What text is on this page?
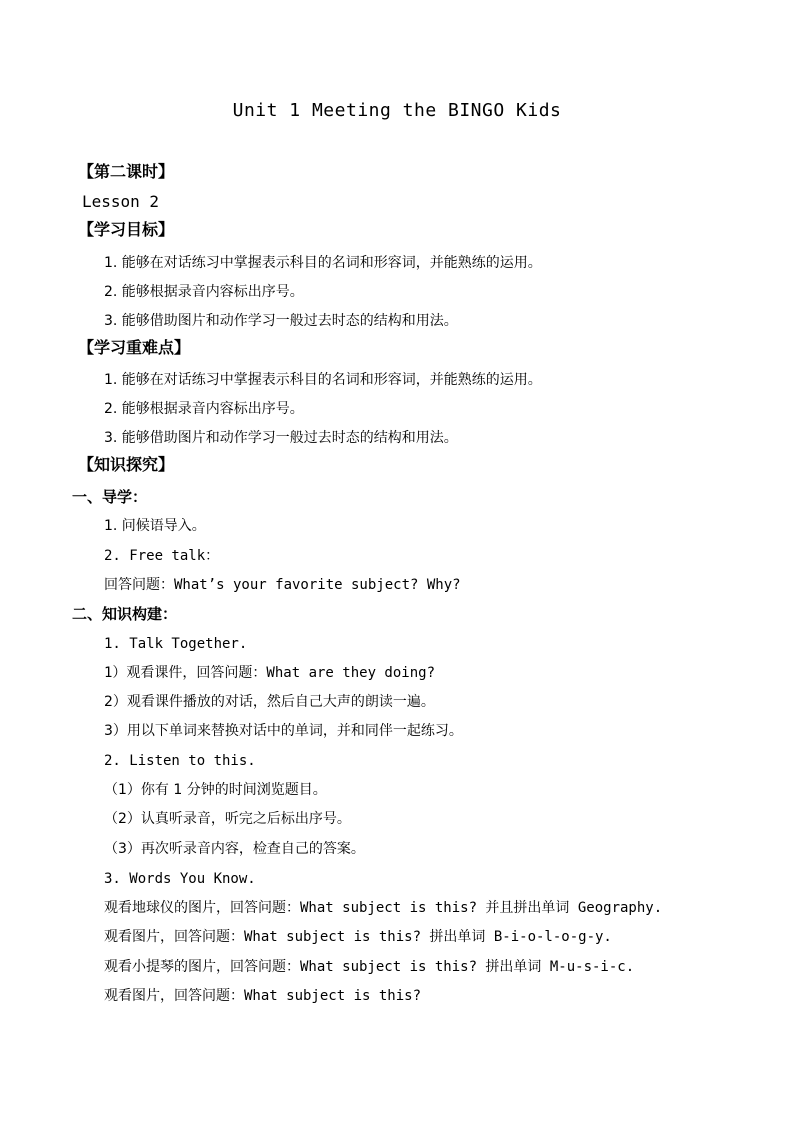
Unit 1 Meeting the BINGO Kids
【第二课时】
Lesson 2
【学习目标】
1. 能够在对话练习中掌握表示科目的名词和形容词，并能熟练的运用。
2. 能够根据录音内容标出序号。
3. 能够借助图片和动作学习一般过去时态的结构和用法。
【学习重难点】
1. 能够在对话练习中掌握表示科目的名词和形容词，并能熟练的运用。
2. 能够根据录音内容标出序号。
3. 能够借助图片和动作学习一般过去时态的结构和用法。
【知识探究】
一、导学：
1. 问候语导入。
2. Free talk：
回答问题：What’s your favorite subject? Why?
二、知识构建：
1. Talk Together.
1）观看课件，回答问题：What are they doing?
2）观看课件播放的对话，然后自己大声的朗读一遍。
3）用以下单词来替换对话中的单词，并和同伴一起练习。
2. Listen to this.
（1）你有 1 分钟的时间浏览题目。
（2）认真听录音，听完之后标出序号。
（3）再次听录音内容，检查自己的答案。
3. Words You Know.
观看地球仪的图片，回答问题：What subject is this? 并且拼出单词 Geography.
观看图片，回答问题：What subject is this? 拼出单词 B-i-o-l-o-g-y.
观看小提琴的图片，回答问题：What subject is this? 拼出单词 M-u-s-i-c.
观看图片，回答问题：What subject is this?
